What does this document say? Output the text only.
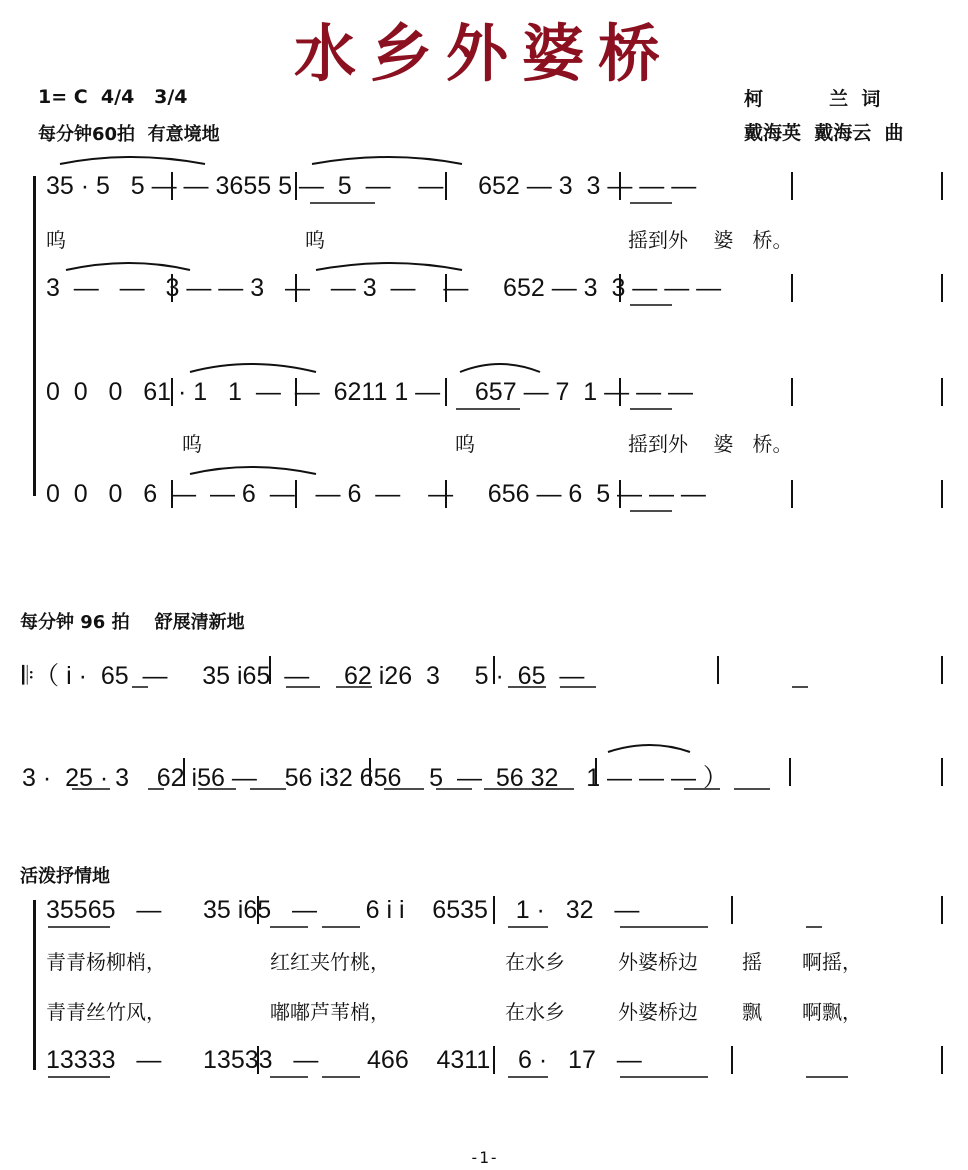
水乡外婆桥
1= C  4/4   3/4
每分钟60拍  有意境地
柯          兰  词
戴海英  戴海云  曲
35 · 5   5 — — 3655 5 —  5  —    —     652 — 3  3 — — —
呜	呜	摇到外    婆   桥。
3  —   —   3 — — 3   —   — 3  —    —     652 — 3  3 — — —
0  0   0   61 · 1   1  —  —  6211 1 —     657 — 7  1 — — —
呜	呜	摇到外    婆   桥。
0  0   0   6  —  — 6  —   — 6  —    —     656 — 6  5 — — —
每分钟 96 拍    舒展清新地
𝄆（ i ·  65  —     35 i65  —     62 i26  3     5 ·  65  —
3 ·  25 · 3    62 i56 —    56 i32 656    5  —  56 32    1 — — — ）
活泼抒情地
35565   —      35 i65   —       6 i i    6535    1 ·   32   —
青青杨柳梢，	红红夹竹桃，	在水乡	外婆桥边 摇 啊摇，
青青丝竹风，	嘟嘟芦苇梢，	在水乡	外婆桥边 飘 啊飘，
13333   —      13533   —       466    4311    6 ·   17   —
-1-
